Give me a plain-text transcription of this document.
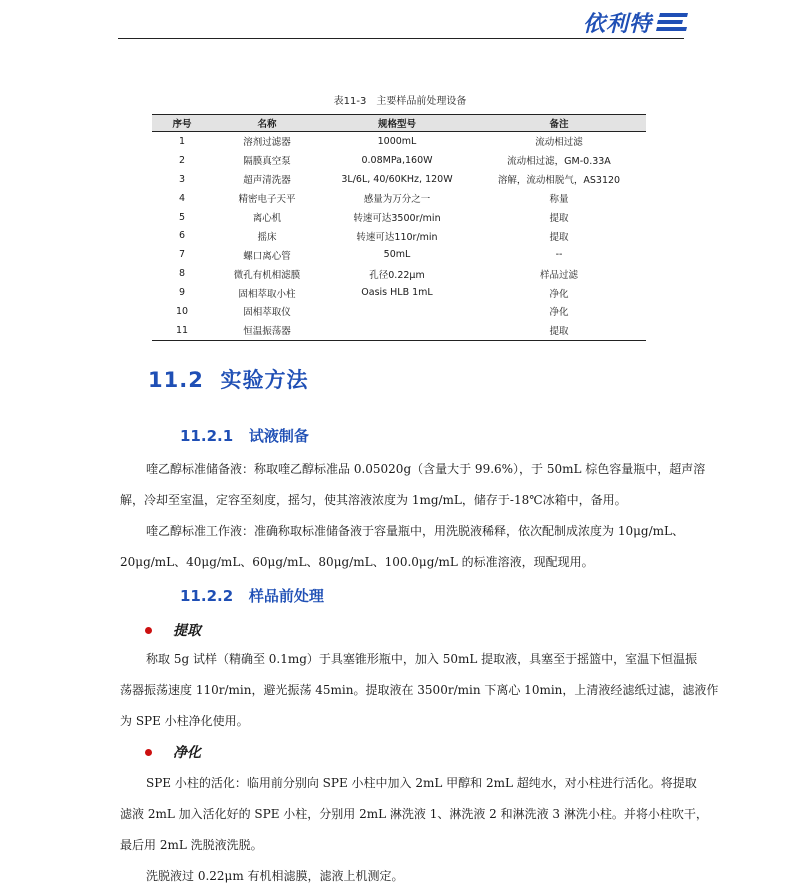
依利特
表11-3　主要样品前处理设备
序号	名称	规格型号	备注
1	溶剂过滤器	1000mL	流动相过滤
2	隔膜真空泵	0.08MPa,160W	流动相过滤，GM-0.33A
3	超声清洗器	3L/6L, 40/60KHz, 120W	溶解，流动相脱气，AS3120
4	精密电子天平	感量为万分之一	称量
5	离心机	转速可达3500r/min	提取
6	摇床	转速可达110r/min	提取
7	螺口离心管	50mL	--
8	微孔有机相滤膜	孔径0.22μm	样品过滤
9	固相萃取小柱	Oasis HLB 1mL	净化
10	固相萃取仪		净化
11	恒温振荡器		提取
11.2 实验方法
11.2.1 试液制备
喹乙醇标准储备液：称取喹乙醇标准品 0.05020g（含量大于 99.6%），于 50mL 棕色容量瓶中，超声溶
解，冷却至室温，定容至刻度，摇匀，使其溶液浓度为 1mg/mL，储存于-18℃冰箱中，备用。
喹乙醇标准工作液：准确称取标准储备液于容量瓶中，用洗脱液稀释，依次配制成浓度为 10μg/mL、
20μg/mL、40μg/mL、60μg/mL、80μg/mL、100.0μg/mL 的标准溶液，现配现用。
11.2.2 样品前处理
提取
称取 5g 试样（精确至 0.1mg）于具塞锥形瓶中，加入 50mL 提取液，具塞至于摇篮中，室温下恒温振
荡器振荡速度 110r/min，避光振荡 45min。提取液在 3500r/min 下离心 10min，上清液经滤纸过滤，滤液作
为 SPE 小柱净化使用。
净化
SPE 小柱的活化：临用前分别向 SPE 小柱中加入 2mL 甲醇和 2mL 超纯水，对小柱进行活化。将提取
滤液 2mL 加入活化好的 SPE 小柱，分别用 2mL 淋洗液 1、淋洗液 2 和淋洗液 3 淋洗小柱。并将小柱吹干，
最后用 2mL 洗脱液洗脱。
洗脱液过 0.22μm 有机相滤膜，滤液上机测定。
